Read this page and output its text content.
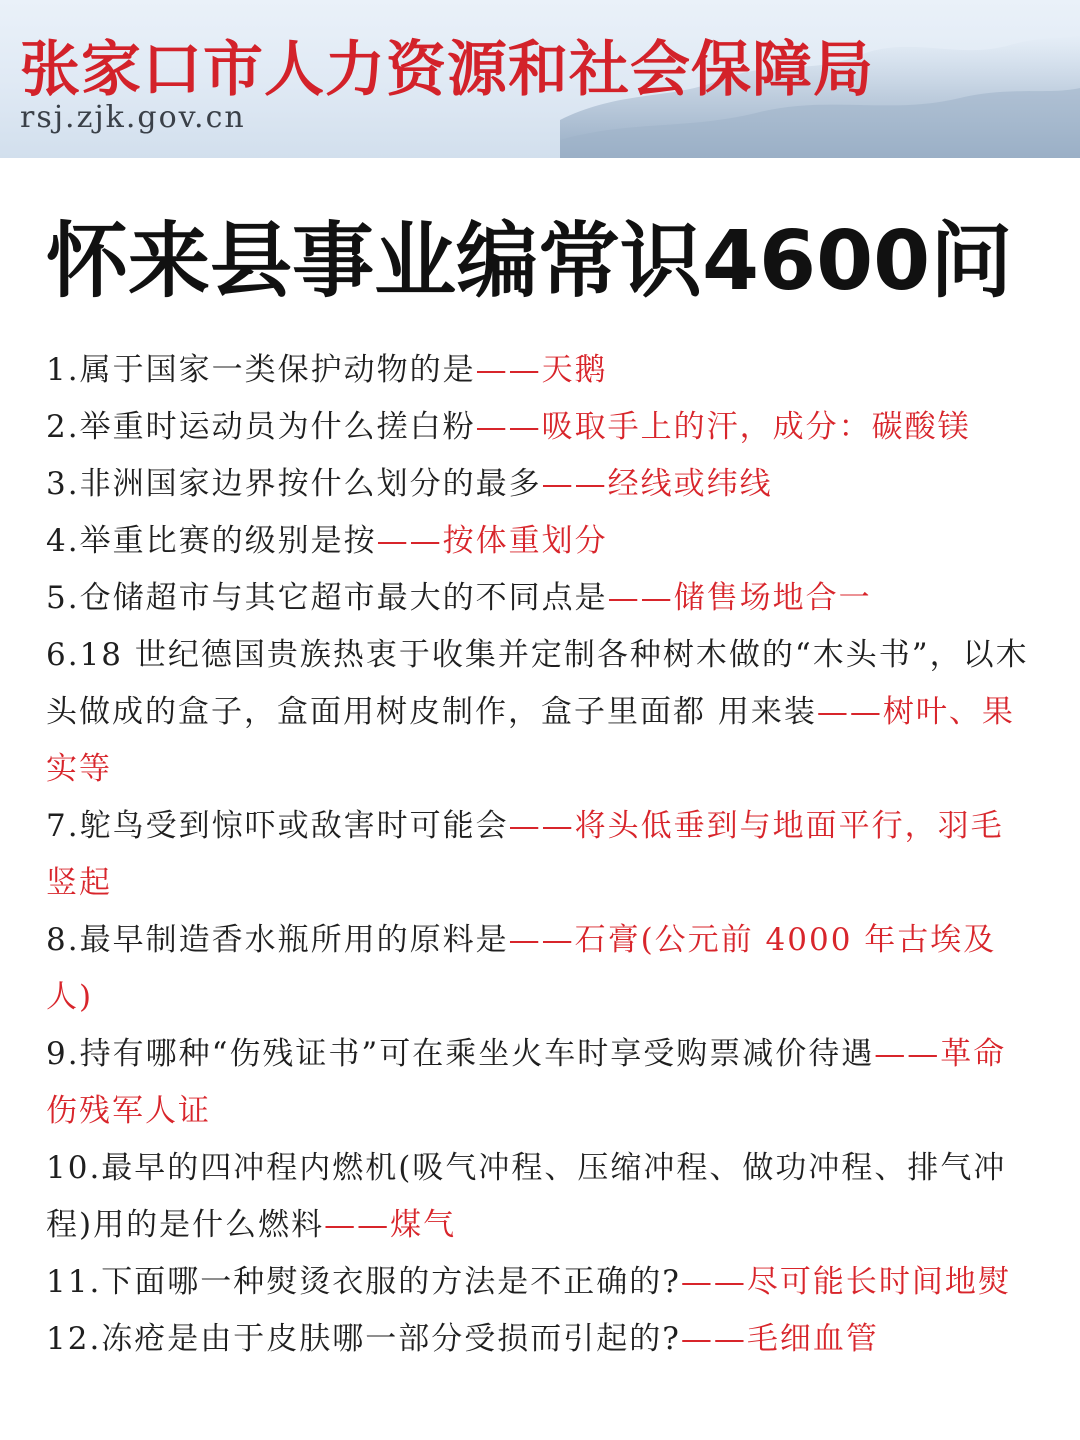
张家口市人力资源和社会保障局
rsj.zjk.gov.cn
怀来县事业编常识4600问
1.属于国家一类保护动物的是——天鹅
2.举重时运动员为什么搓白粉——吸取手上的汗，成分：碳酸镁
3.非洲国家边界按什么划分的最多——经线或纬线
4.举重比赛的级别是按——按体重划分
5.仓储超市与其它超市最大的不同点是——储售场地合一
6.18 世纪德国贵族热衷于收集并定制各种树木做的“木头书”，以木头做成的盒子，盒面用树皮制作，盒子里面都 用来装——树叶、果实等
7.鸵鸟受到惊吓或敌害时可能会——将头低垂到与地面平行，羽毛竖起
8.最早制造香水瓶所用的原料是——石膏(公元前 4000 年古埃及人)
9.持有哪种“伤残证书”可在乘坐火车时享受购票减价待遇——革命伤残军人证
10.最早的四冲程内燃机(吸气冲程、压缩冲程、做功冲程、排气冲程)用的是什么燃料——煤气
11.下面哪一种熨烫衣服的方法是不正确的?——尽可能长时间地熨
12.冻疮是由于皮肤哪一部分受损而引起的?——毛细血管
